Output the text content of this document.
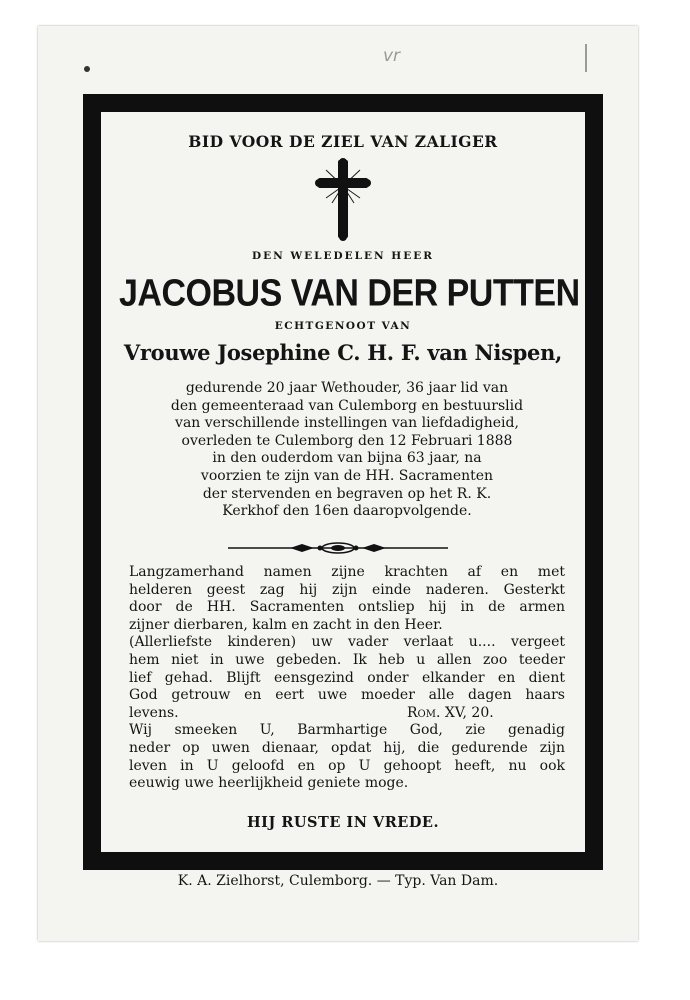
vr
BID VOOR DE ZIEL VAN ZALIGER
DEN WELEDELEN HEER
JACOBUS VAN DER PUTTEN
ECHTGENOOT VAN
Vrouwe Josephine C. H. F. van Nispen,
gedurende 20 jaar Wethouder, 36 jaar lid van
den gemeenteraad van Culemborg en bestuurslid
van verschillende instellingen van liefdadigheid,
overleden te Culemborg den 12 Februari 1888
in den ouderdom van bijna 63 jaar, na
voorzien te zijn van de HH. Sacramenten
der stervenden en begraven op het R. K.
Kerkhof den 16en daaropvolgende.
Langzamerhand namen zijne krachten af en met
helderen geest zag hij zijn einde naderen. Gesterkt
door de HH. Sacramenten ontsliep hij in de armen
zijner dierbaren, kalm en zacht in den Heer.
(Allerliefste kinderen) uw vader verlaat u.... vergeet
hem niet in uwe gebeden. Ik heb u allen zoo teeder
lief gehad. Blijft eensgezind onder elkander en dient
God getrouw en eert uwe moeder alle dagen haars
levens.	Rom. XV, 20.
Wij smeeken U, Barmhartige God, zie genadig
neder op uwen dienaar, opdat hij, die gedurende zijn
leven in U geloofd en op U gehoopt heeft, nu ook
eeuwig uwe heerlijkheid geniete moge.
HIJ RUSTE IN VREDE.
K. A. Zielhorst, Culemborg. — Typ. Van Dam.
